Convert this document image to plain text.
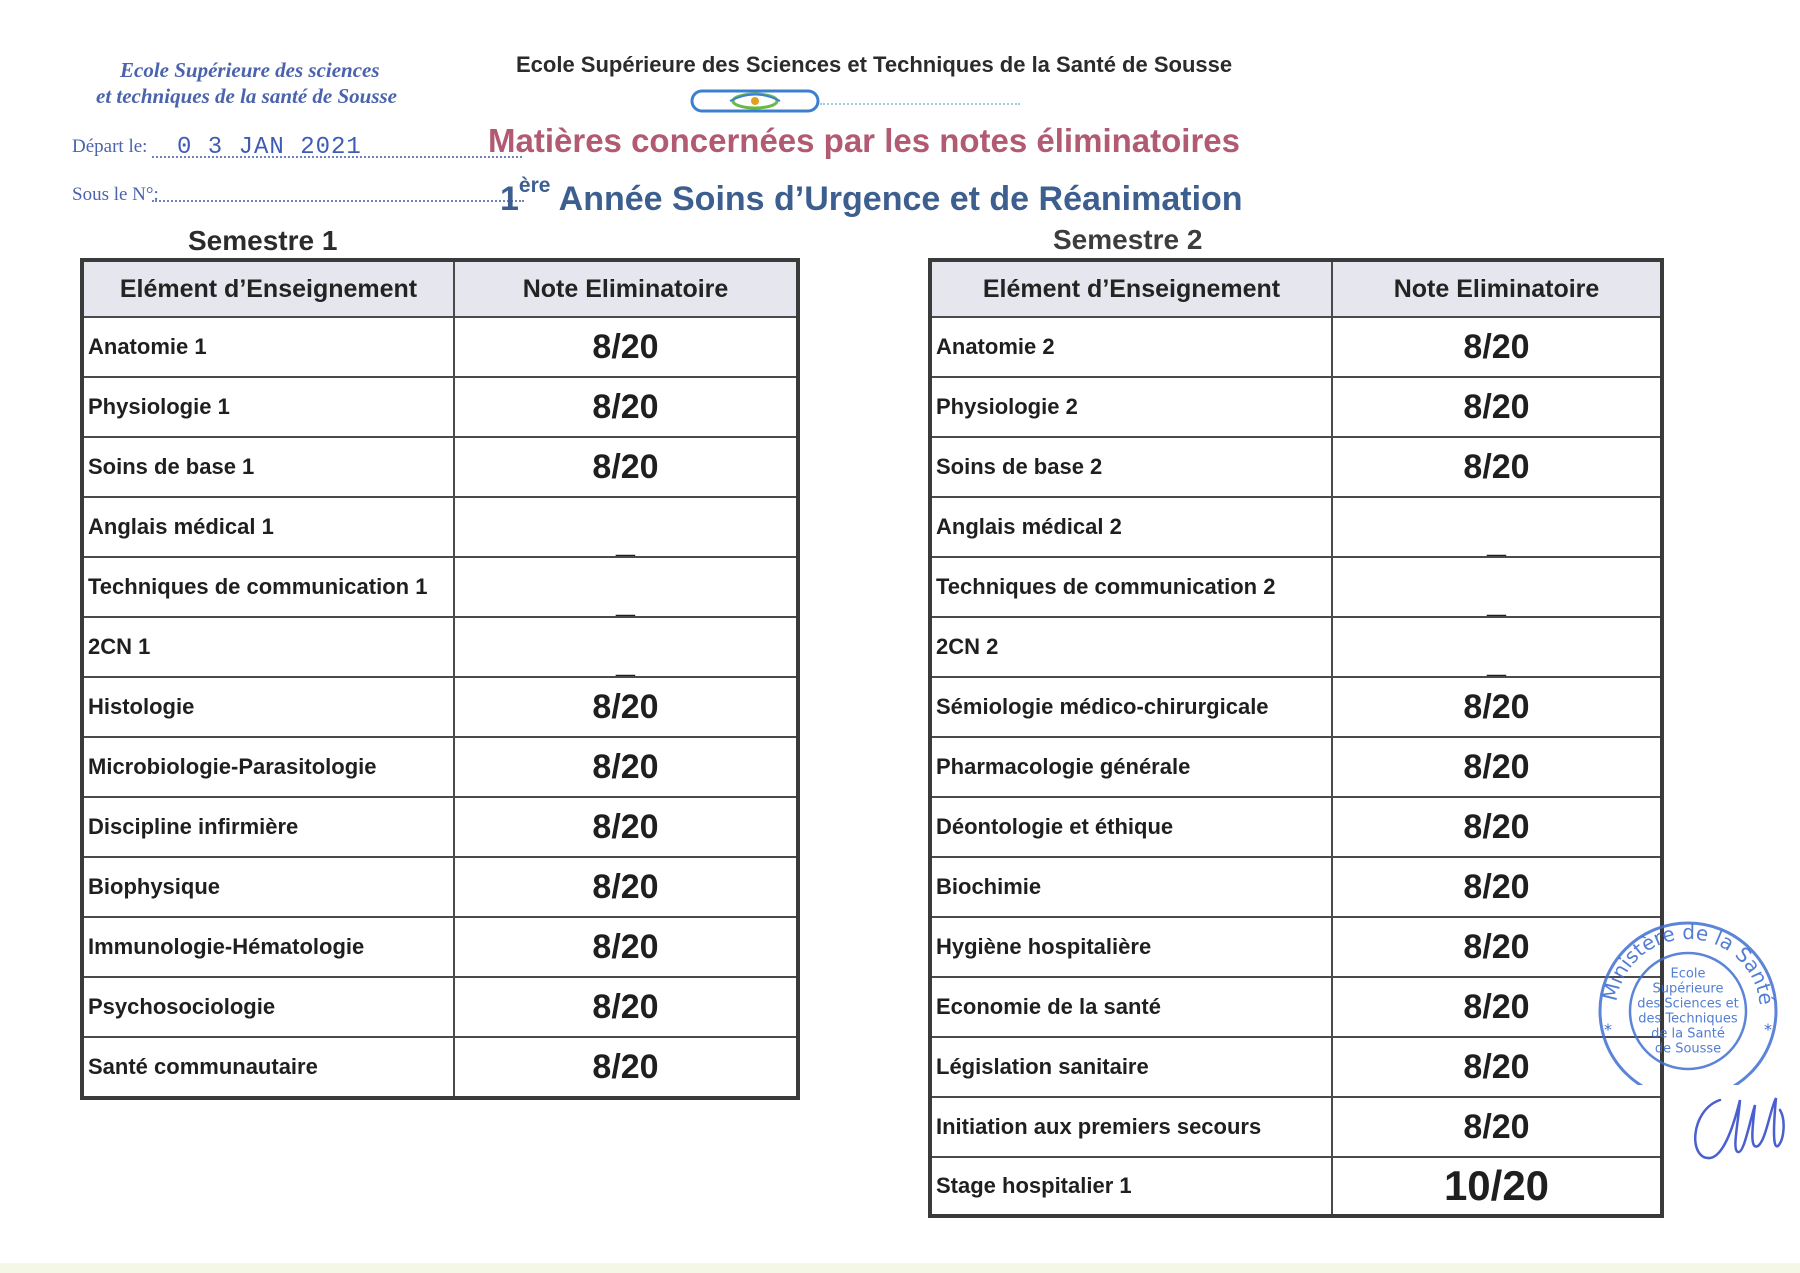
Ecole Supérieure des sciences
et techniques de la santé de Sousse
Départ le: 0 3 JAN 2021
Sous le N°:
Ecole Supérieure des Sciences et Techniques de la Santé de Sousse
Matières concernées par les notes éliminatoires
1ère Année Soins d’Urgence et de Réanimation
Semestre 1	Semestre 2
Elément d’Enseignement	Note Eliminatoire
Anatomie 1	8/20
Physiologie 1	8/20
Soins de base 1	8/20
Anglais médical 1	_
Techniques de communication 1	_
2CN 1	_
Histologie	8/20
Microbiologie-Parasitologie	8/20
Discipline infirmière	8/20
Biophysique	8/20
Immunologie-Hématologie	8/20
Psychosociologie	8/20
Santé communautaire	8/20
Elément d’Enseignement	Note Eliminatoire
Anatomie 2	8/20
Physiologie 2	8/20
Soins de base 2	8/20
Anglais médical 2	_
Techniques de communication 2	_
2CN 2	_
Sémiologie médico-chirurgicale	8/20
Pharmacologie générale	8/20
Déontologie et éthique	8/20
Biochimie	8/20
Hygiène hospitalière	8/20
Economie de la santé	8/20
Législation sanitaire	8/20
Initiation aux premiers secours	8/20
Stage hospitalier 1	10/20
Ministère de la Santé
*	*
Ecole
Supérieure
des Sciences et
des Techniques
de la Santé
de Sousse
